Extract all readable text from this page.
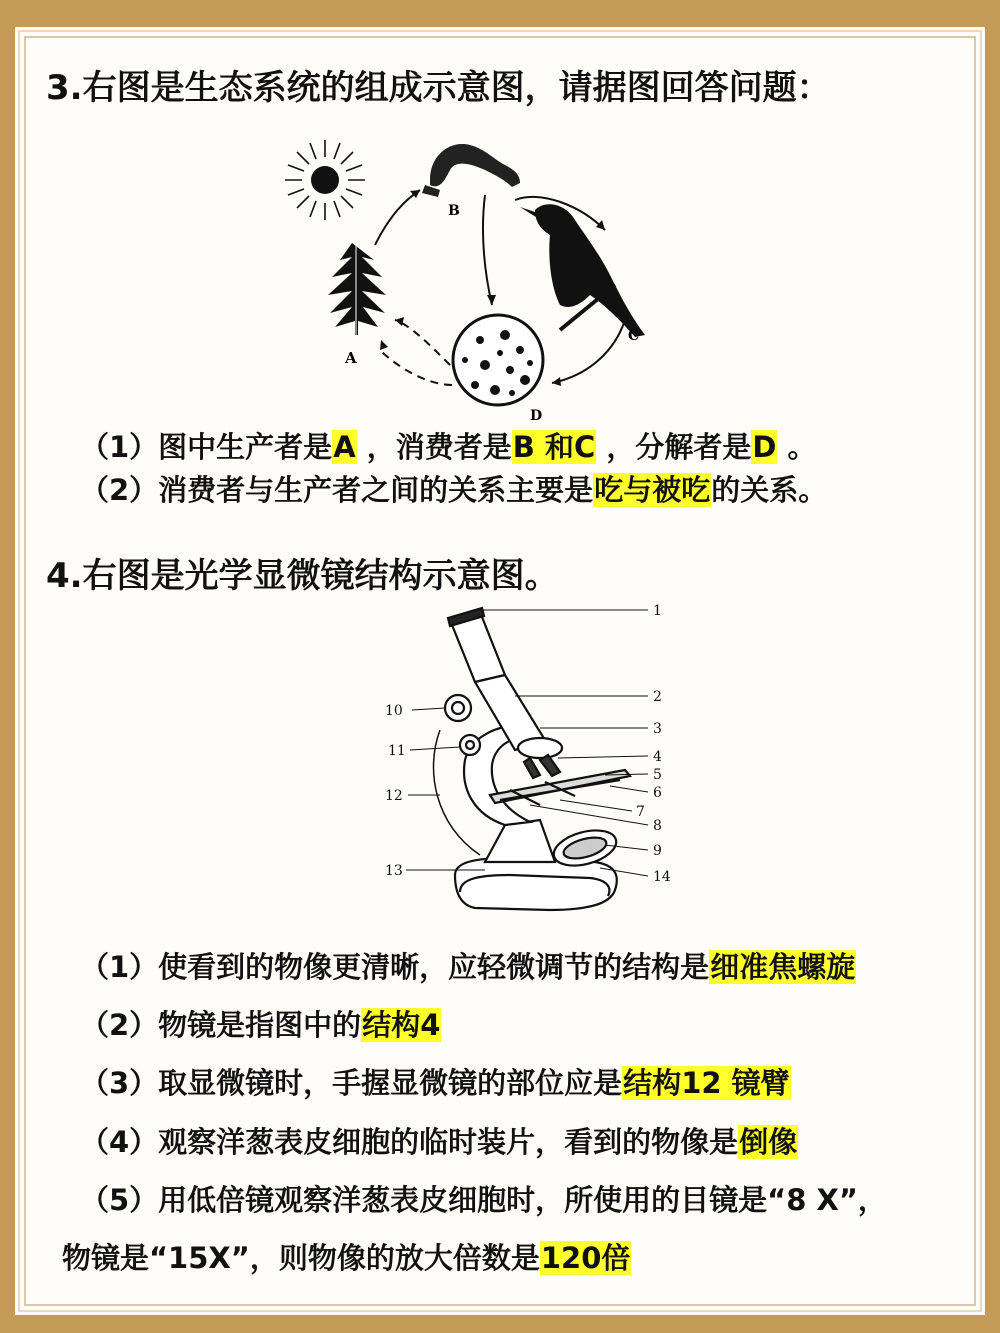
3.右图是生态系统的组成示意图，请据图回答问题：
A
B
C
D
（1）图中生产者是A ，消费者是B 和C ，分解者是D 。
（2）消费者与生产者之间的关系主要是吃与被吃的关系。
4.右图是光学显微镜结构示意图。
1
2
3
4
5
6
7
8
9
10
11
12
13	14
（1）使看到的物像更清晰，应轻微调节的结构是细准焦螺旋
（2）物镜是指图中的结构4
（3）取显微镜时，手握显微镜的部位应是结构12 镜臂
（4）观察洋葱表皮细胞的临时装片，看到的物像是倒像
（5）用低倍镜观察洋葱表皮细胞时，所使用的目镜是“8 X”，
物镜是“15X”，则物像的放大倍数是120倍
